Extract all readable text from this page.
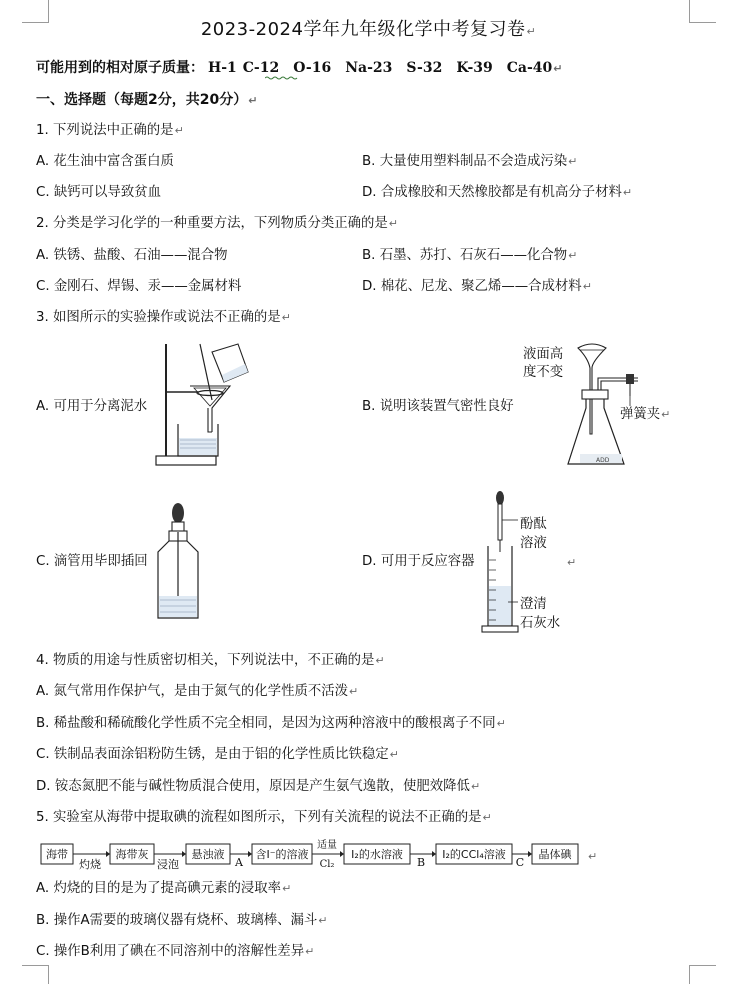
2023-2024学年九年级化学中考复习卷↵
可能用到的相对原子质量： H-1 C-12 O-16 Na-23 S-32 K-39 Ca-40↵
一、选择题（每题2分，共20分）↵
1. 下列说法中正确的是↵
A. 花生油中富含蛋白质	B. 大量使用塑料制品不会造成污染↵
C. 缺钙可以导致贫血	D. 合成橡胶和天然橡胶都是有机高分子材料↵
2. 分类是学习化学的一种重要方法，下列物质分类正确的是↵
A. 铁锈、盐酸、石油——混合物	B. 石墨、苏打、石灰石——化合物↵
C. 金刚石、焊锡、汞——金属材料	D. 棉花、尼龙、聚乙烯——合成材料↵
3. 如图所示的实验操作或说法不正确的是↵
A. 可用于分离泥水	B. 说明该装置气密性良好
ADD
液面高
度不变
弹簧夹↵
C. 滴管用毕即插回	D. 可用于反应容器
酚酞
溶液
澄清
石灰水
↵
4. 物质的用途与性质密切相关，下列说法中，不正确的是↵
A. 氮气常用作保护气，是由于氮气的化学性质不活泼↵
B. 稀盐酸和稀硫酸化学性质不完全相同，是因为这两种溶液中的酸根离子不同↵
C. 铁制品表面涂铝粉防生锈，是由于铝的化学性质比铁稳定↵
D. 铵态氮肥不能与碱性物质混合使用，原因是产生氨气逸散，使肥效降低↵
5. 实验室从海带中提取碘的流程如图所示，下列有关流程的说法不正确的是↵
海带
灼烧
海带灰
浸泡
悬浊液
A
含I⁻的溶液
适量
Cl₂
I₂的水溶液
B
I₂的CCl₄溶液
C
晶体碘 ↵
A. 灼烧的目的是为了提高碘元素的浸取率↵
B. 操作A需要的玻璃仪器有烧杯、玻璃棒、漏斗↵
C. 操作B利用了碘在不同溶剂中的溶解性差异↵
